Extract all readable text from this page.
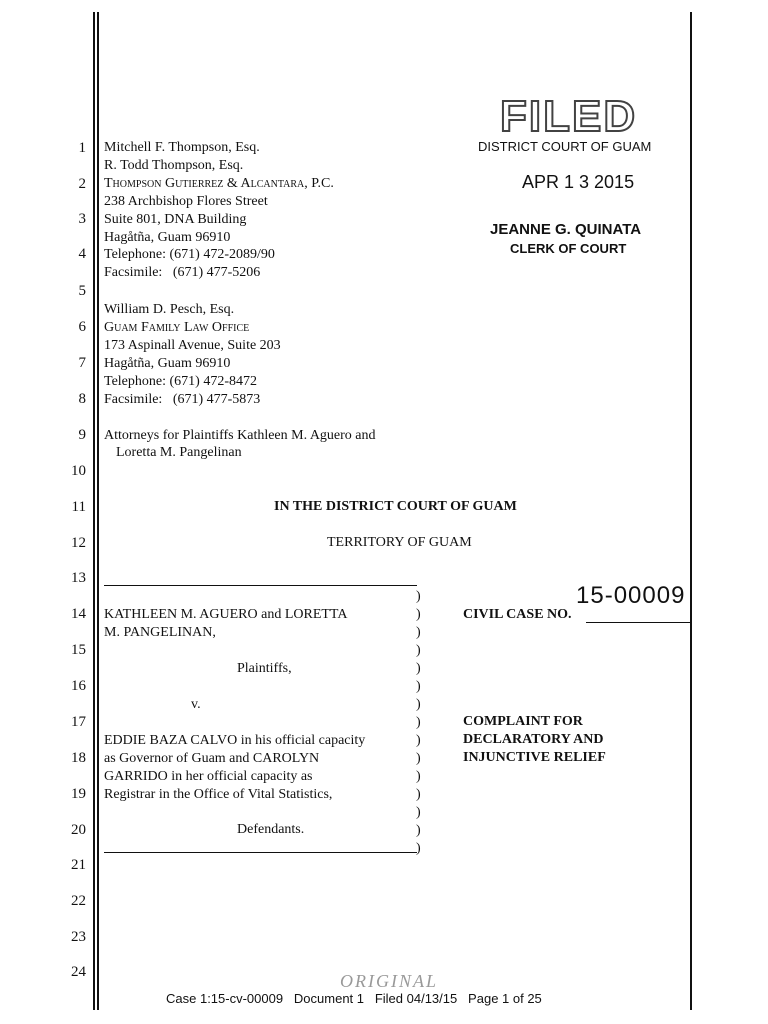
1
2
3
4
5
6
7
8
9
10
11
12
13
14
15
16
17
18
19
20
21
22
23
24
Mitchell F. Thompson, Esq.
R. Todd Thompson, Esq.
Thompson Gutierrez & Alcantara, P.C.
238 Archbishop Flores Street
Suite 801, DNA Building
Hagåtña, Guam 96910
Telephone: (671) 472-2089/90
Facsimile:   (671) 477-5206
William D. Pesch, Esq.
Guam Family Law Office
173 Aspinall Avenue, Suite 203
Hagåtña, Guam 96910
Telephone: (671) 472-8472
Facsimile:   (671) 477-5873
Attorneys for Plaintiffs Kathleen M. Aguero and
Loretta M. Pangelinan
FILED
DISTRICT COURT OF GUAM
APR 1 3 2015
JEANNE G. QUINATA
CLERK OF COURT
IN THE DISTRICT COURT OF GUAM
TERRITORY OF GUAM
)
)
)
)
)
)
)
)
)
)
)
)
)
)
)
KATHLEEN M. AGUERO and LORETTA
M. PANGELINAN,
Plaintiffs,
v.
EDDIE BAZA CALVO in his official capacity
as Governor of Guam and CAROLYN
GARRIDO in her official capacity as
Registrar in the Office of Vital Statistics,
Defendants.
CIVIL CASE NO.
15-00009
COMPLAINT FOR
DECLARATORY AND
INJUNCTIVE RELIEF
ORIGINAL
Case 1:15-cv-00009   Document 1   Filed 04/13/15   Page 1 of 25
